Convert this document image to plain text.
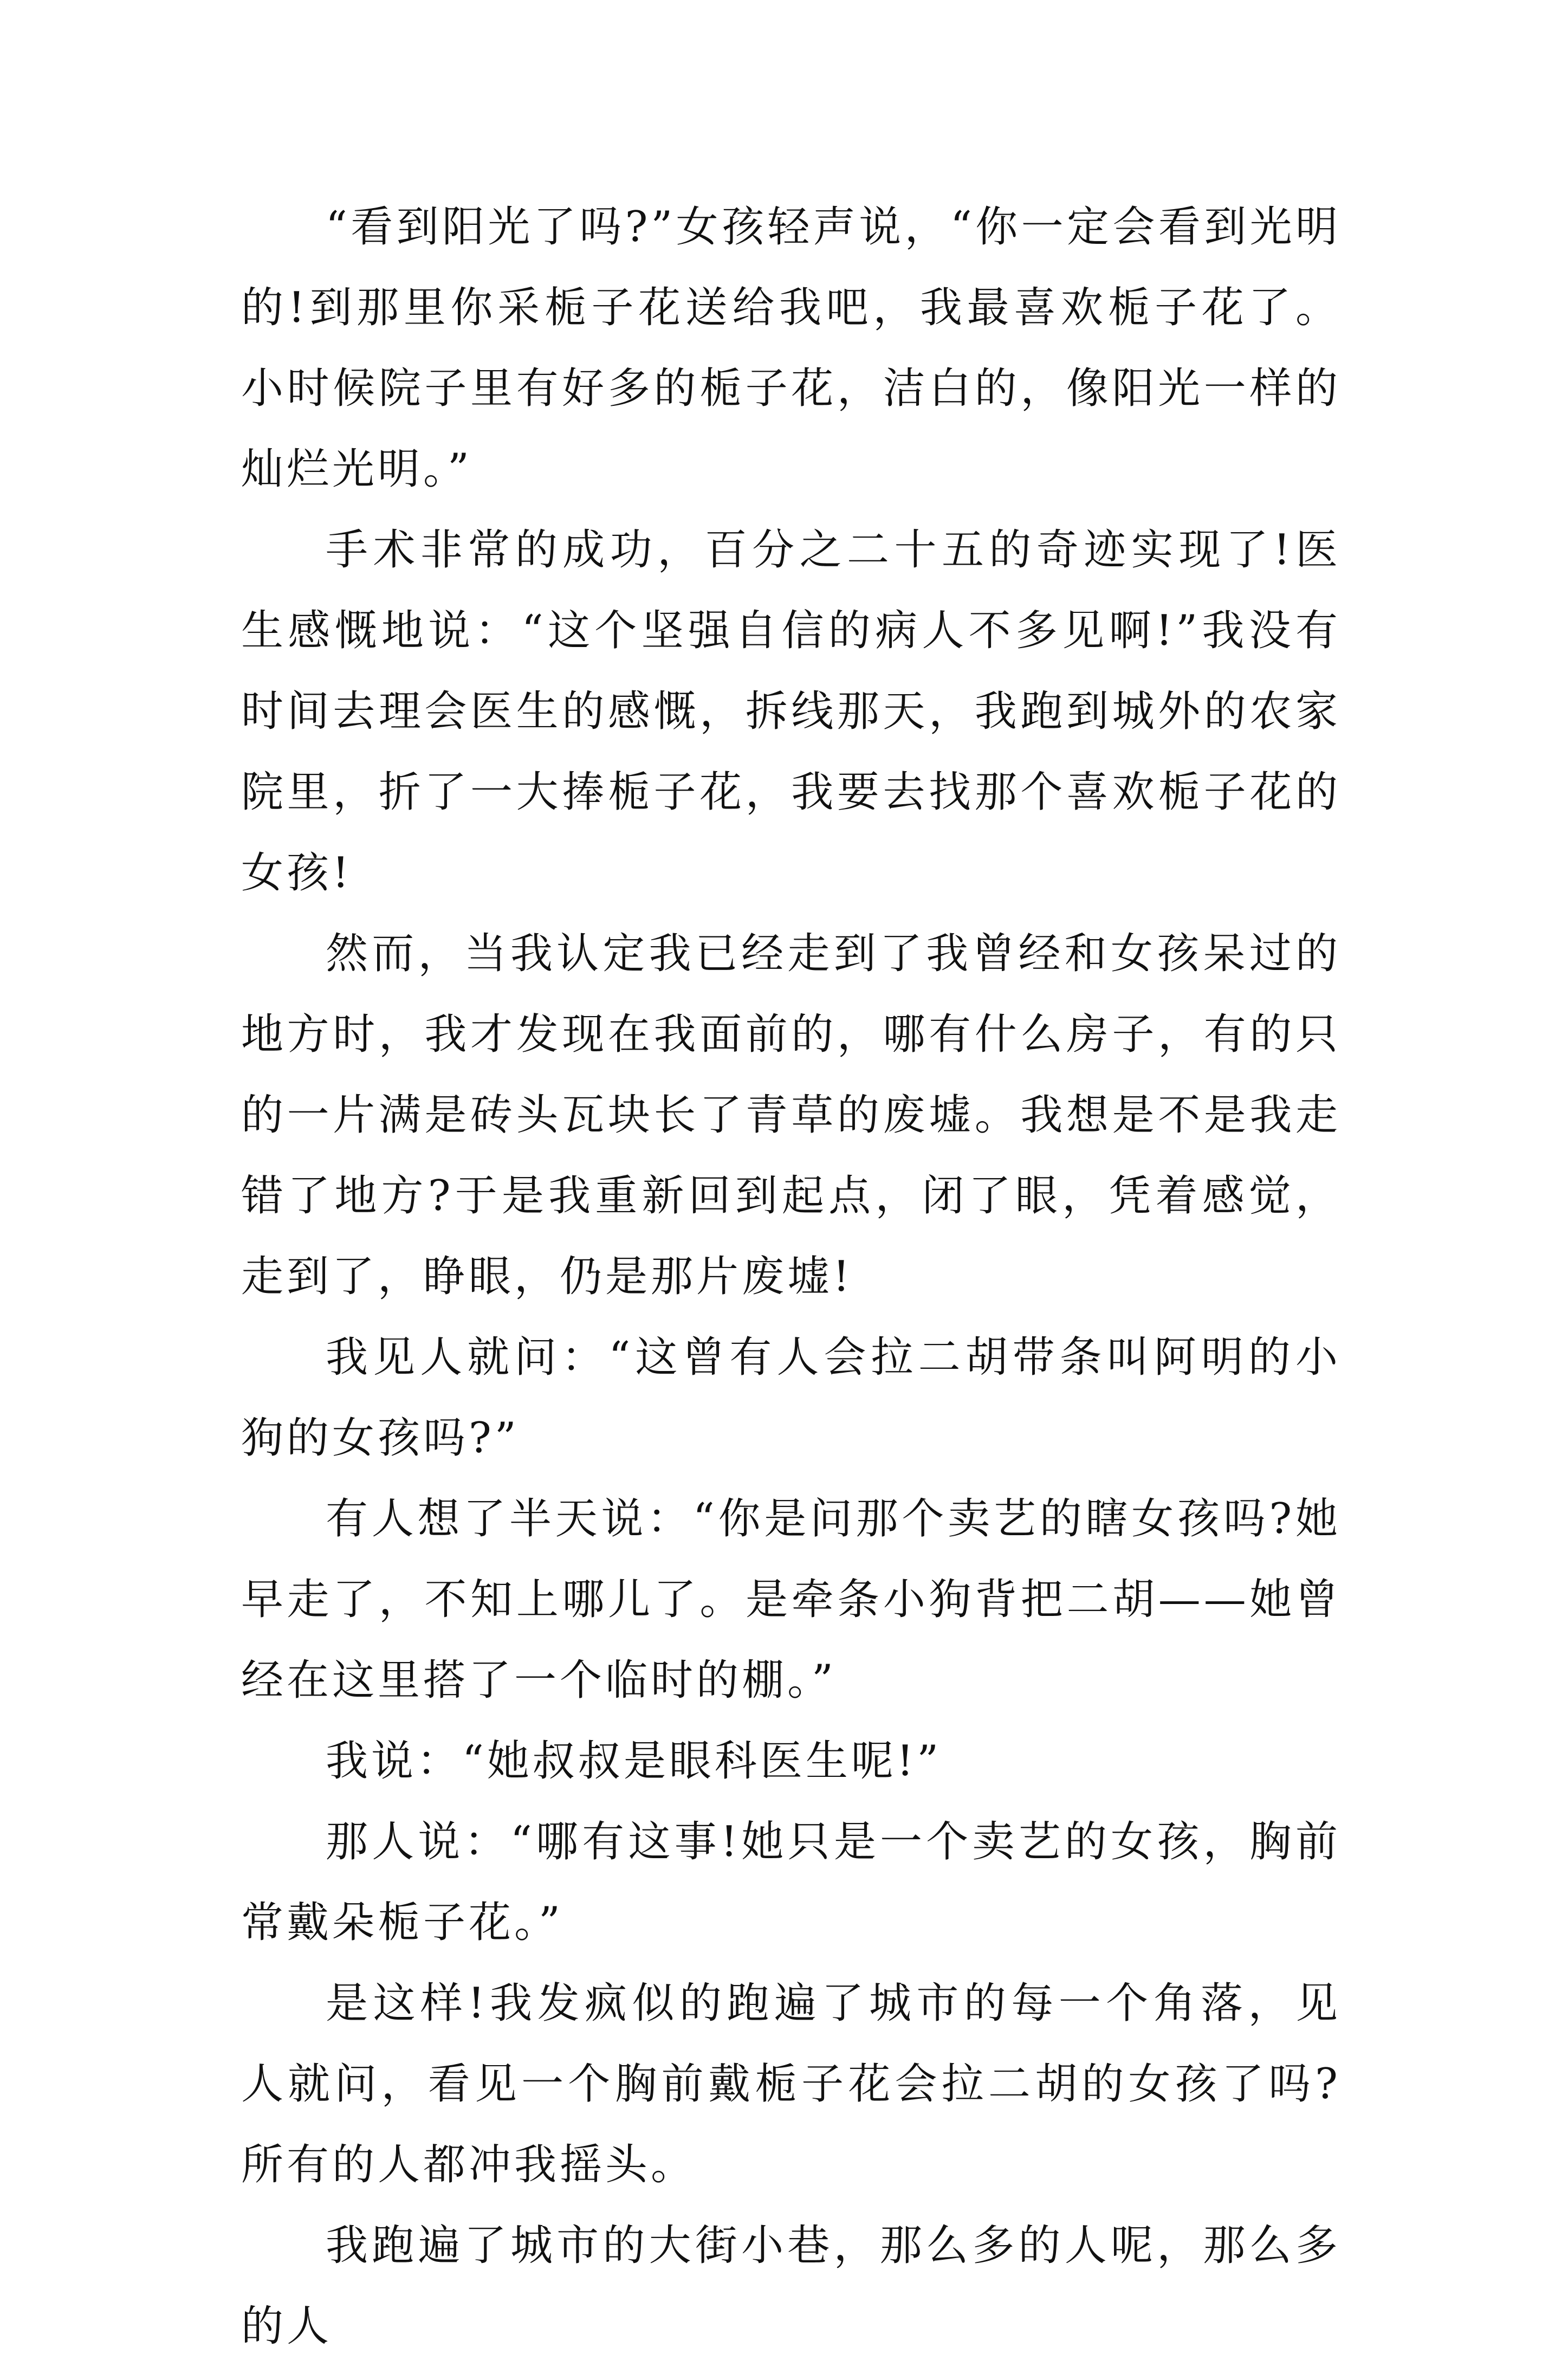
“看到阳光了吗?”女孩轻声说，“你一定会看到光明的!到那里你采栀子花送给我吧，我最喜欢栀子花了。小时候院子里有好多的栀子花，洁白的，像阳光一样的灿烂光明。”

手术非常的成功，百分之二十五的奇迹实现了!医生感慨地说：“这个坚强自信的病人不多见啊!”我没有时间去理会医生的感慨，拆线那天，我跑到城外的农家院里，折了一大捧栀子花，我要去找那个喜欢栀子花的女孩!

然而，当我认定我已经走到了我曾经和女孩呆过的地方时，我才发现在我面前的，哪有什么房子，有的只的一片满是砖头瓦块长了青草的废墟。我想是不是我走错了地方?于是我重新回到起点，闭了眼，凭着感觉，走到了，睁眼，仍是那片废墟!

我见人就问：“这曾有人会拉二胡带条叫阿明的小狗的女孩吗?”

有人想了半天说：“你是问那个卖艺的瞎女孩吗?她早走了，不知上哪儿了。是牵条小狗背把二胡——她曾经在这里搭了一个临时的棚。”

我说：“她叔叔是眼科医生呢!”

那人说：“哪有这事!她只是一个卖艺的女孩，胸前常戴朵栀子花。”

是这样!我发疯似的跑遍了城市的每一个角落，见人就问，看见一个胸前戴栀子花会拉二胡的女孩了吗?所有的人都冲我摇头。

我跑遍了城市的大街小巷，那么多的人呢，那么多的人
